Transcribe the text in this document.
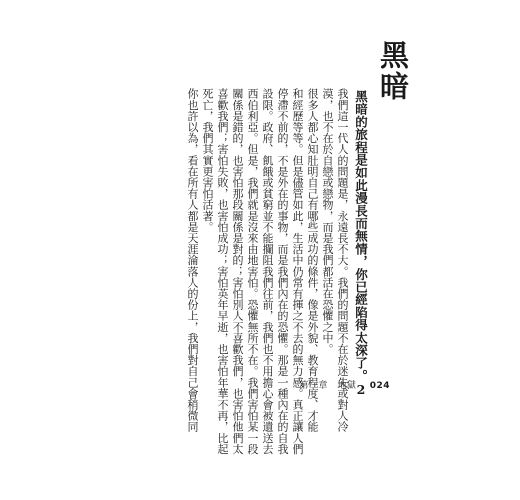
黑暗
黑暗的旅程是如此漫長而無情，你已經陷得太深了。2
我們這一代人的問題是，永遠長不大。我們的問題不在於迷失或對人冷
漠，也不在於自戀或戀物，而是我們都活在恐懼之中。
很多人都心知肚明自己有哪些成功的條件，像是外貌、教育程度、才能
和經歷等等。但是儘管如此，生活中仍常有揮之不去的無力感。真正讓人們
停滯不前的，不是外在的事物，而是我們內在的恐懼。那是一種內在的自我
設限。政府、飢餓或貧窮並不能攔阻我們往前，我們也不用擔心會被遺送去
西伯利亞。但是，我們就是沒來由地害怕。恐懼無所不在。我們害怕某一段
關係是錯的，也害怕那段關係是對的；害怕別人不喜歡我們，也害怕他們太
喜歡我們；害怕失敗，也害怕成功；害怕英年早逝，也害怕年華不再，比起
死亡，我們其實更害怕活著。
你也許以為，看在所有人都是天涯淪落人的份上，我們對自己會稍微同	第一章　地獄 024
